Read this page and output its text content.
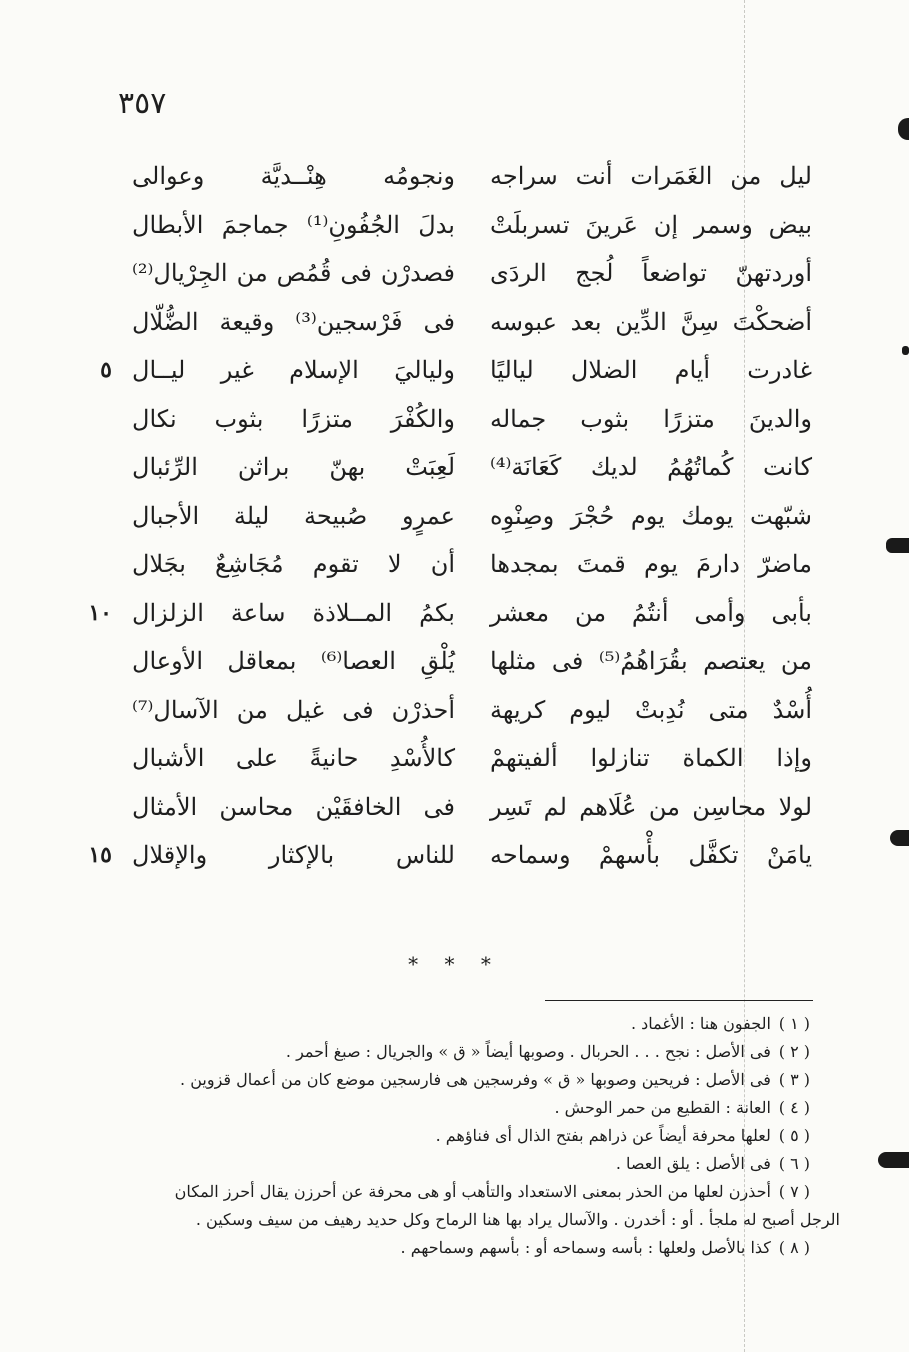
٣٥٧
ليل من الغَمَرات أنت سراجه
ونجومُه هِنْــديَّة وعوالى
بيض وسمر إن عَرينَ تسربلَتْ
بدلَ الجُفُونِ⁽¹⁾ جماجمَ الأبطال
أوردتهنّ تواضعاً لُجج الردَى
فصدرْن فى قُمُص من الجِرْيال⁽²⁾
أضحكْتَ سِنَّ الدِّين بعد عبوسه
فى فَرْسجين⁽³⁾ وقيعة الضُّلّال
غادرت أيام الضلال لياليًا
ولياليَ الإسلام غير ليــال
٥
والدينَ متزرًا بثوب جماله
والكُفْرَ متزرًا بثوب نكال
كانت كُماتُهُمُ لديك كَعَانَة⁽⁴⁾
لَعِبَتْ بهنّ براثن الرِّئبال
شبّهت يومك يوم حُجْرَ وصِنْوِه
عمرٍو صُبيحة ليلة الأجبال
ماضرّ دارمَ يوم قمتَ بمجدها
أن لا تقوم مُجَاشِعٌ بجَلال
بأبى وأمى أنتُمُ من معشر
بكمُ المــلاذة ساعة الزلزال
١٠
من يعتصم بقُرَاهُمُ⁽⁵⁾ فى مثلها
يُلْقِ العصا⁽⁶⁾ بمعاقل الأوعال
أُسْدٌ متى نُدِبتْ ليوم كريهة
أحذرْن فى غيل من الآسال⁽⁷⁾
وإذا الكماة تنازلوا ألفيتهمْ
كالأُسْدِ حانيةً على الأشبال
لولا محاسِن من عُلَاهم لم تَسِر
فى الخافقَيْن محاسن الأمثال
يامَنْ تكفَّل بأْسهمْ وسماحه
للناس بالإكثار والإقلال
١٥
* * *
( ١ ) الجفون هنا : الأغماد .
( ٢ ) فى الأصل : نجح . . . الحربال . وصوبها أيضاً « ق » والجريال : صبغ أحمر .
( ٣ ) فى الأصل : فريحين وصوبها « ق » وفرسجين هى فارسجين موضع كان من أعمال قزوين .
( ٤ ) العانة : القطيع من حمر الوحش .
( ٥ ) لعلها محرفة أيضاً عن ذراهم بفتح الذال أى فناؤهم .
( ٦ ) فى الأصل : يلق العصا .
( ٧ ) أحذرن لعلها من الحذر بمعنى الاستعداد والتأهب أو هى محرفة عن أحرزن يقال أحرز المكان
الرجل أصبح له ملجأ . أو : أخدرن . والآسال يراد بها هنا الرماح وكل حديد رهيف من سيف وسكين .
( ٨ ) كذا بالأصل ولعلها : بأسه وسماحه أو : بأسهم وسماحهم .
